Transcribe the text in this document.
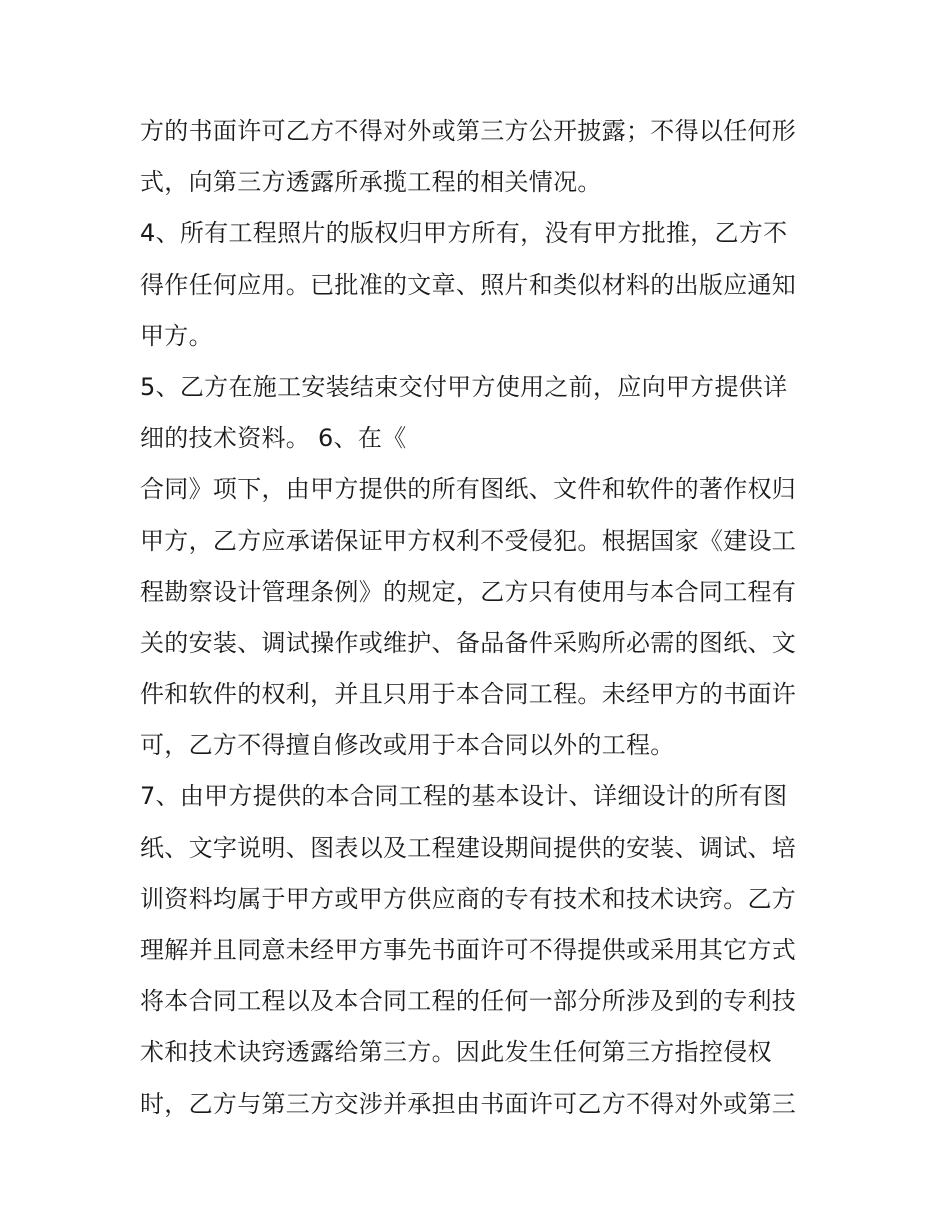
方的书面许可乙方不得对外或第三方公开披露；不得以任何形
式，向第三方透露所承揽工程的相关情况。
4、所有工程照片的版权归甲方所有，没有甲方批推，乙方不
得作任何应用。已批准的文章、照片和类似材料的出版应通知
甲方。
5、乙方在施工安装结束交付甲方使用之前，应向甲方提供详
细的技术资料。 6、在《
合同》项下，由甲方提供的所有图纸、文件和软件的著作权归
甲方，乙方应承诺保证甲方权利不受侵犯。根据国家《建设工
程勘察设计管理条例》的规定，乙方只有使用与本合同工程有
关的安装、调试操作或维护、备品备件采购所必需的图纸、文
件和软件的权利，并且只用于本合同工程。未经甲方的书面许
可，乙方不得擅自修改或用于本合同以外的工程。
7、由甲方提供的本合同工程的基本设计、详细设计的所有图
纸、文字说明、图表以及工程建设期间提供的安装、调试、培
训资料均属于甲方或甲方供应商的专有技术和技术诀窍。乙方
理解并且同意未经甲方事先书面许可不得提供或采用其它方式
将本合同工程以及本合同工程的任何一部分所涉及到的专利技
术和技术诀窍透露给第三方。因此发生任何第三方指控侵权
时，乙方与第三方交涉并承担由书面许可乙方不得对外或第三
